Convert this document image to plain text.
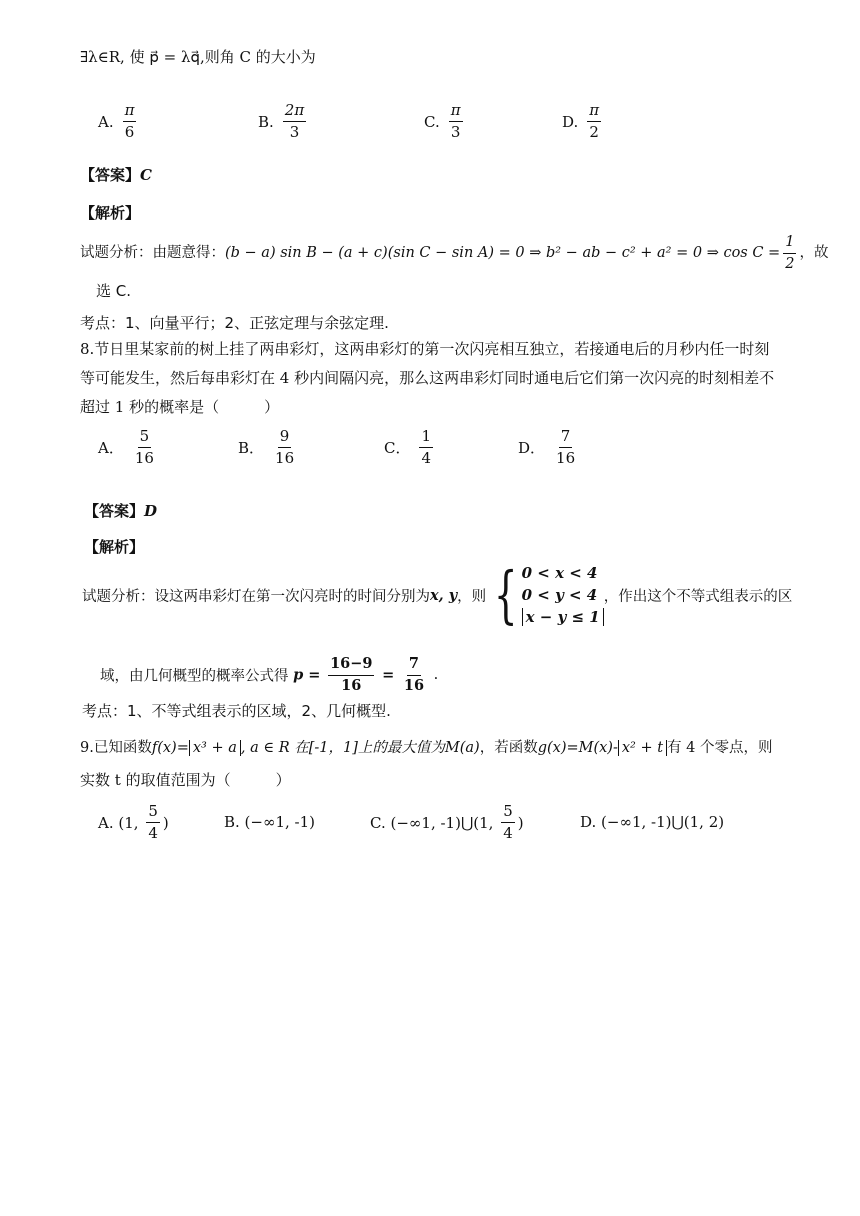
∃λ∈R, 使 p⃗ = λq⃗,则角 C 的大小为
A. $\frac{\pi}{6}$	B. $\frac{2\pi}{3}$	C. $\frac{\pi}{3}$	D. $\frac{\pi}{2}$
【答案】C
【解析】
试题分析：由题意得：(b − a) sin B − (a + c)(sin C − sin A) = 0 ⇒ b² − ab − c² + a² = 0 ⇒ $\cos C = \frac{1}{2}$ ，故
选 C.
考点：1、向量平行；2、正弦定理与余弦定理.
8.节日里某家前的树上挂了两串彩灯，这两串彩灯的第一次闪亮相互独立，若接通电后的月秒内任一时刻
等可能发生，然后每串彩灯在 4 秒内间隔闪亮，那么这两串彩灯同时通电后它们第一次闪亮的时刻相差不
超过 1 秒的概率是（　　　）
A． $\frac{5}{16}$	B． $\frac{9}{16}$	C． $\frac{1}{4}$	D． $\frac{7}{16}$
【答案】D
【解析】
试题分析：设这两串彩灯在第一次闪亮时的时间分别为 x, y ，则 { 0 < x < 4
0 < y < 4
x − y ≤ 1
，作出这个不等式组表示的区
域，由几何概型的概率公式得 $p = \frac{16-9}{16} = \frac{7}{16}$ .
考点：1、不等式组表示的区域，2、几何概型.
9.已知函数f(x)= x³ + a , a ∈ R 在[-1，1]上的最大值为M(a)，若函数g(x)=M(x)- x² + t 有 4 个零点，则
实数 t 的取值范围为（　　　）
A. (1, $\frac{5}{4}$ )	B. (−∞1, -1)	C. (−∞1, -1)⋃(1, $\frac{5}{4}$ )	D. (−∞1, -1)⋃(1, 2)
